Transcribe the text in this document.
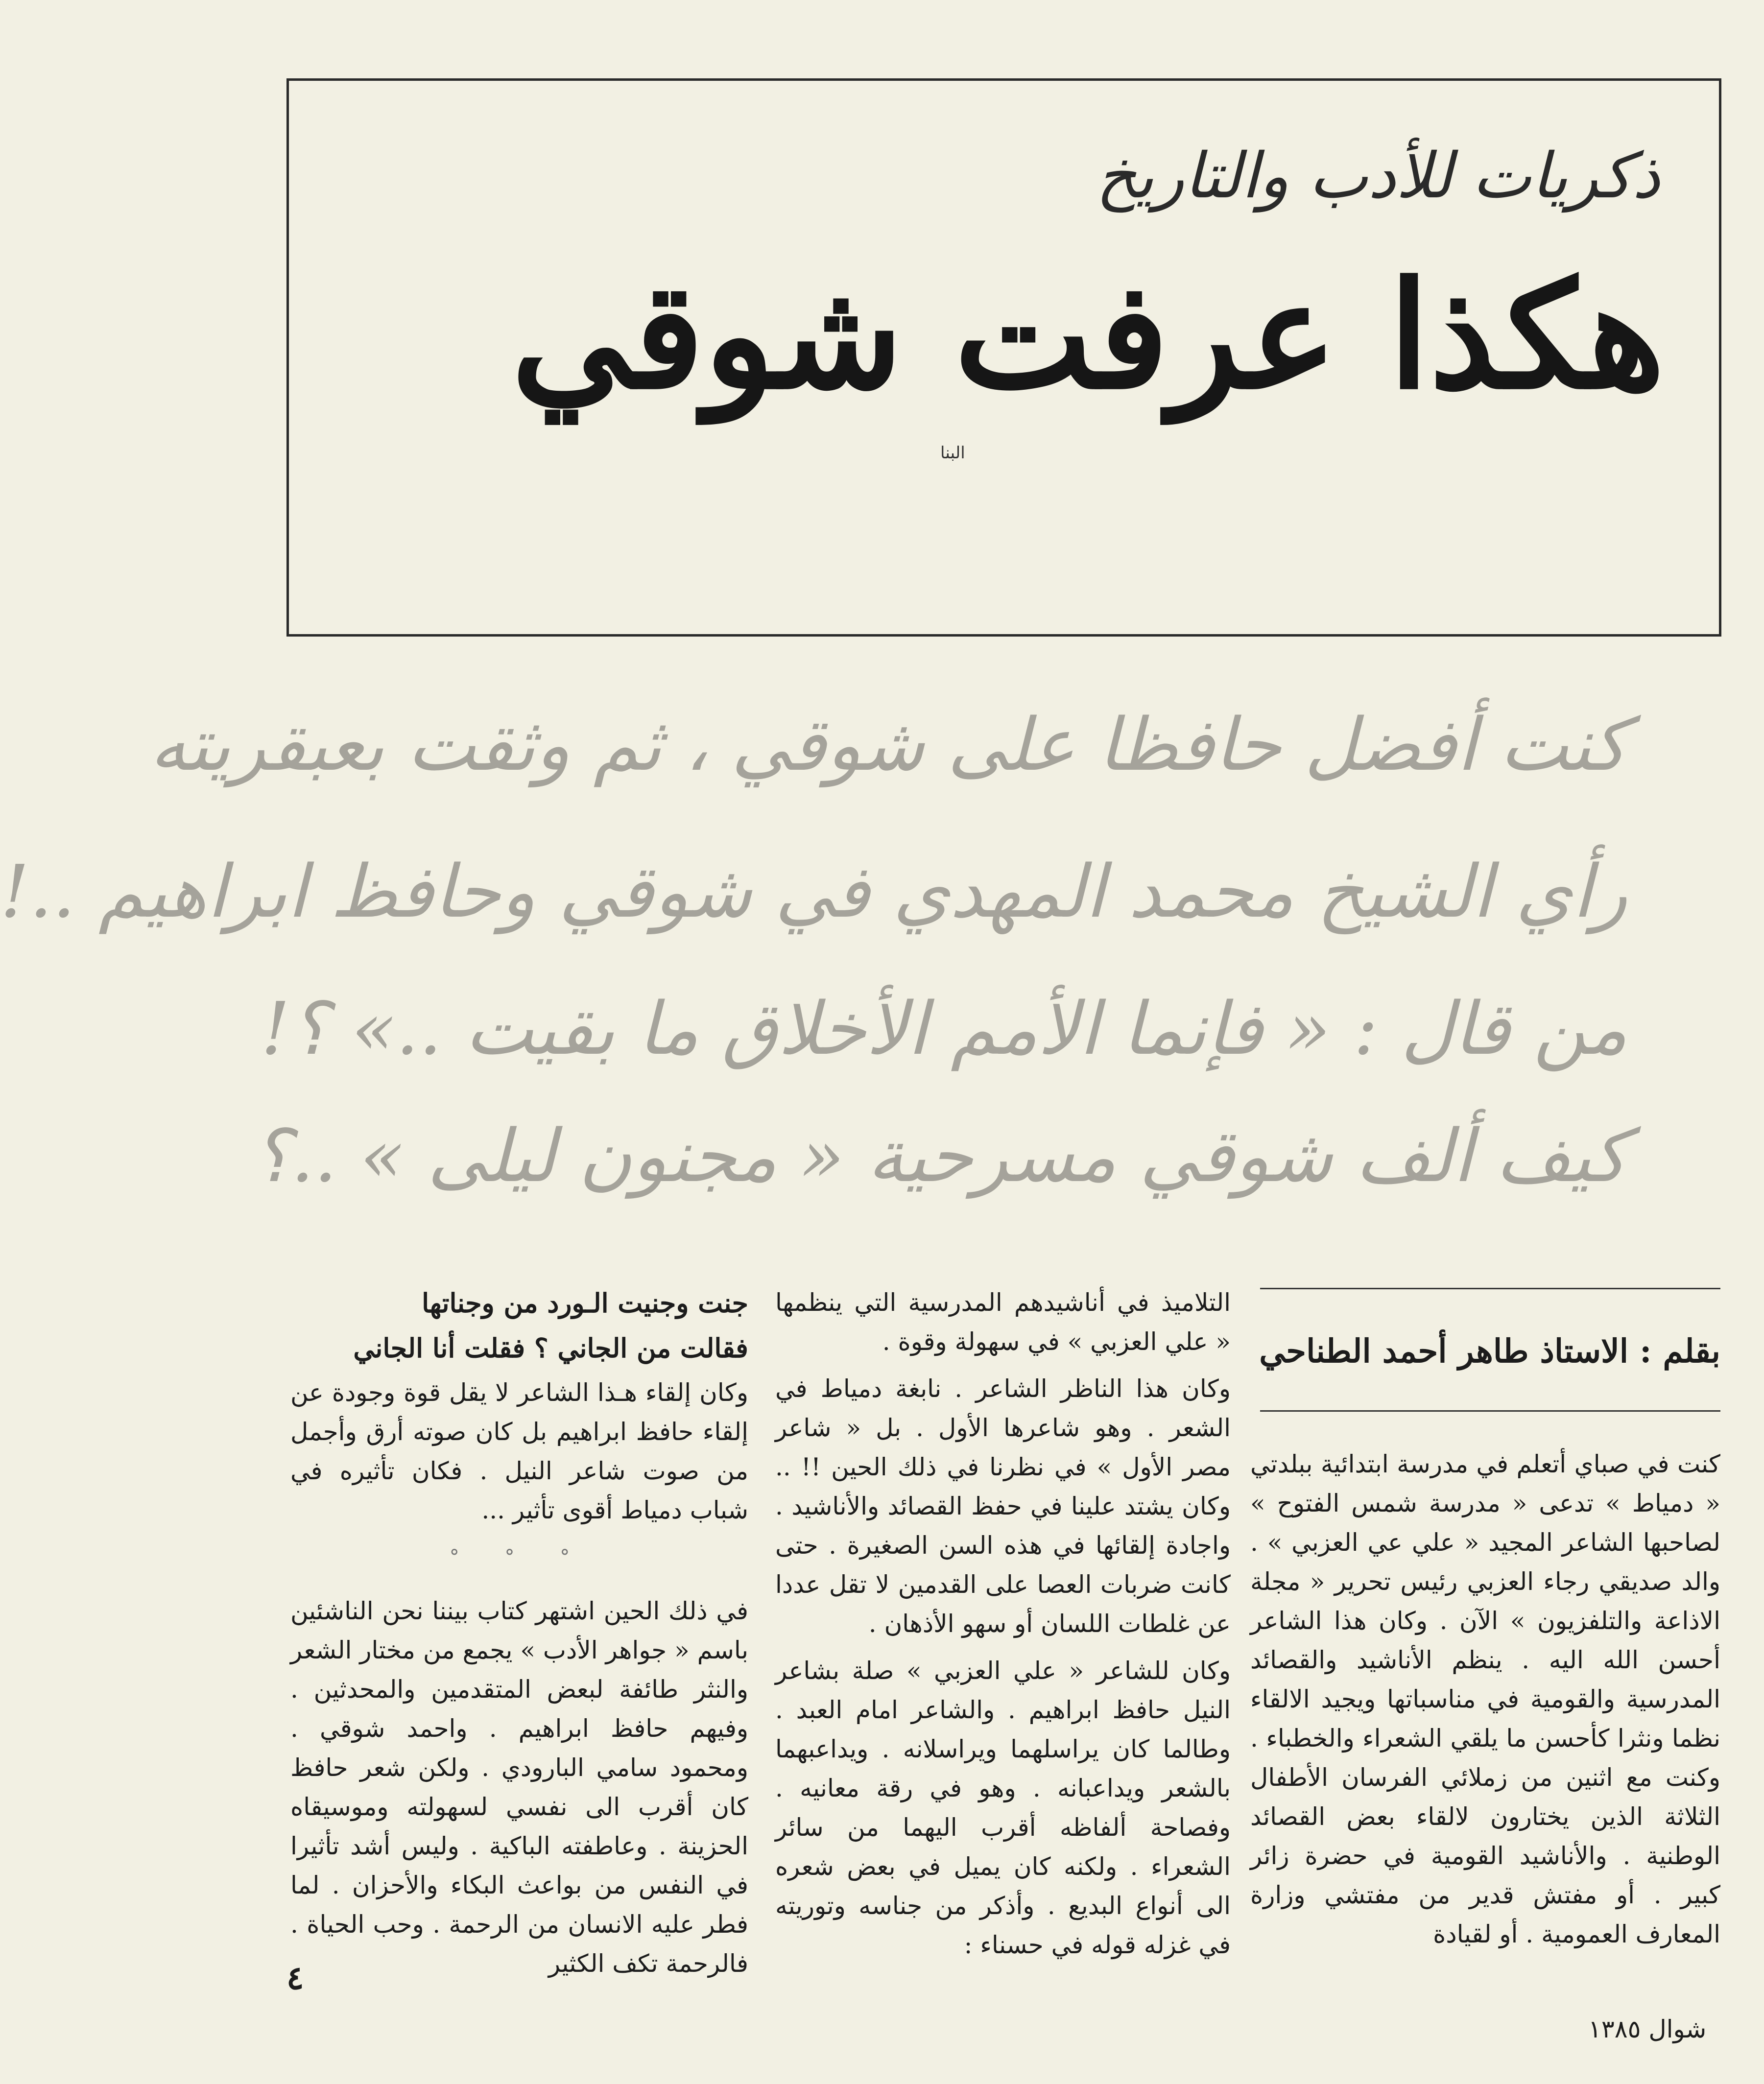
ذكريات للأدب والتاريخ
هكذا عرفت شوقي
البنا
كنت أفضل حافظا على شوقي ، ثم وثقت بعبقريته
رأي الشيخ محمد المهدي في شوقي وحافظ ابراهيم ..!
من قال : « فإنما الأمم الأخلاق ما بقيت ..» ؟!
كيف ألف شوقي مسرحية « مجنون ليلى » ..؟
بقلم : الاستاذ طاهر أحمد الطناحي

كنت في صباي أتعلم في مدرسة ابتدائية ببلدتي « دمياط » تدعى « مدرسة شمس الفتوح » لصاحبها الشاعر المجيد « علي عي العزبي » . والد صديقي رجاء العزبي رئيس تحرير « مجلة الاذاعة والتلفزيون » الآن . وكان هذا الشاعر أحسن الله اليه . ينظم الأناشيد والقصائد المدرسية والقومية في مناسباتها ويجيد الالقاء نظما ونثرا كأحسن ما يلقي الشعراء والخطباء . وكنت مع اثنين من زملائي الفرسان الأطفال الثلاثة الذين يختارون لالقاء بعض القصائد الوطنية . والأناشيد القومية في حضرة زائر كبير . أو مفتش قدير من مفتشي وزارة المعارف العمومية . أو لقيادة

التلاميذ في أناشيدهم المدرسية التي ينظمها « علي العزبي » في سهولة وقوة .

وكان هذا الناظر الشاعر . نابغة دمياط في الشعر . وهو شاعرها الأول . بل « شاعر مصر الأول » في نظرنا في ذلك الحين !! .. وكان يشتد علينا في حفظ القصائد والأناشيد . واجادة إلقائها في هذه السن الصغيرة . حتى كانت ضربات العصا على القدمين لا تقل عددا عن غلطات اللسان أو سهو الأذهان .

وكان للشاعر « علي العزبي » صلة بشاعر النيل حافظ ابراهيم . والشاعر امام العبد . وطالما كان يراسلهما ويراسلانه . ويداعبهما بالشعر ويداعبانه . وهو في رقة معانيه . وفصاحة ألفاظه أقرب اليهما من سائر الشعراء . ولكنه كان يميل في بعض شعره الى أنواع البديع . وأذكر من جناسه وتوريته في غزله قوله في حسناء :

جنت وجنيت الـورد من وجناتها
فقالت من الجاني ؟ فقلت أنا الجاني

وكان إلقاء هـذا الشاعر لا يقل قوة وجودة عن إلقاء حافظ ابراهيم بل كان صوته أرق وأجمل من صوت شاعر النيل . فكان تأثيره في شباب دمياط أقوى تأثير ...

° ° °

في ذلك الحين اشتهر كتاب بيننا نحن الناشئين باسم « جواهر الأدب » يجمع من مختار الشعر والنثر طائفة لبعض المتقدمين والمحدثين . وفيهم حافظ ابراهيم . واحمد شوقي . ومحمود سامي البارودي . ولكن شعر حافظ كان أقرب الى نفسي لسهولته وموسيقاه الحزينة . وعاطفته الباكية . وليس أشد تأثيرا في النفس من بواعث البكاء والأحزان . لما فطر عليه الانسان من الرحمة . وحب الحياة . فالرحمة تكف الكثير

٤
شوال ١٣٨٥
